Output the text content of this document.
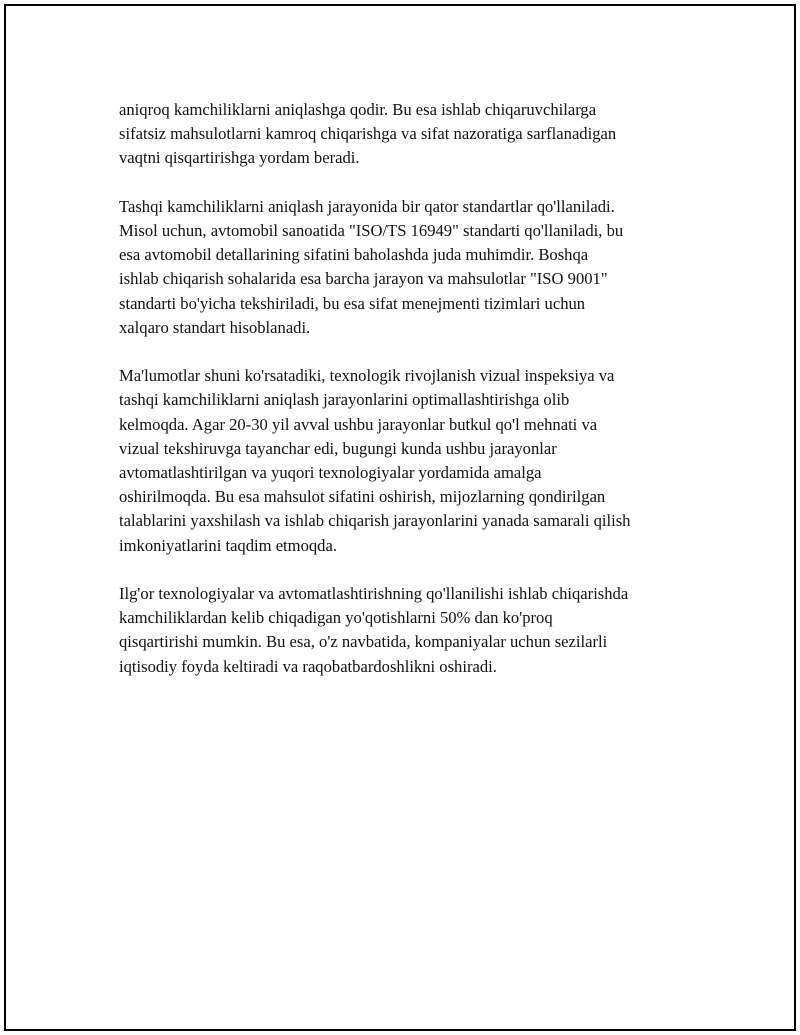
aniqroq kamchiliklarni aniqlashga qodir. Bu esa ishlab chiqaruvchilarga
sifatsiz mahsulotlarni kamroq chiqarishga va sifat nazoratiga sarflanadigan
vaqtni qisqartirishga yordam beradi.

Tashqi kamchiliklarni aniqlash jarayonida bir qator standartlar qo'llaniladi.
Misol uchun, avtomobil sanoatida "ISO/TS 16949" standarti qo'llaniladi, bu
esa avtomobil detallarining sifatini baholashda juda muhimdir. Boshqa
ishlab chiqarish sohalarida esa barcha jarayon va mahsulotlar "ISO 9001"
standarti bo'yicha tekshiriladi, bu esa sifat menejmenti tizimlari uchun
xalqaro standart hisoblanadi.

Ma'lumotlar shuni ko'rsatadiki, texnologik rivojlanish vizual inspeksiya va
tashqi kamchiliklarni aniqlash jarayonlarini optimallashtirishga olib
kelmoqda. Agar 20-30 yil avval ushbu jarayonlar butkul qo'l mehnati va
vizual tekshiruvga tayanchar edi, bugungi kunda ushbu jarayonlar
avtomatlashtirilgan va yuqori texnologiyalar yordamida amalga
oshirilmoqda. Bu esa mahsulot sifatini oshirish, mijozlarning qondirilgan
talablarini yaxshilash va ishlab chiqarish jarayonlarini yanada samarali qilish
imkoniyatlarini taqdim etmoqda.

Ilg'or texnologiyalar va avtomatlashtirishning qo'llanilishi ishlab chiqarishda
kamchiliklardan kelib chiqadigan yo'qotishlarni 50% dan ko'proq
qisqartirishi mumkin. Bu esa, o'z navbatida, kompaniyalar uchun sezilarli
iqtisodiy foyda keltiradi va raqobatbardoshlikni oshiradi.
